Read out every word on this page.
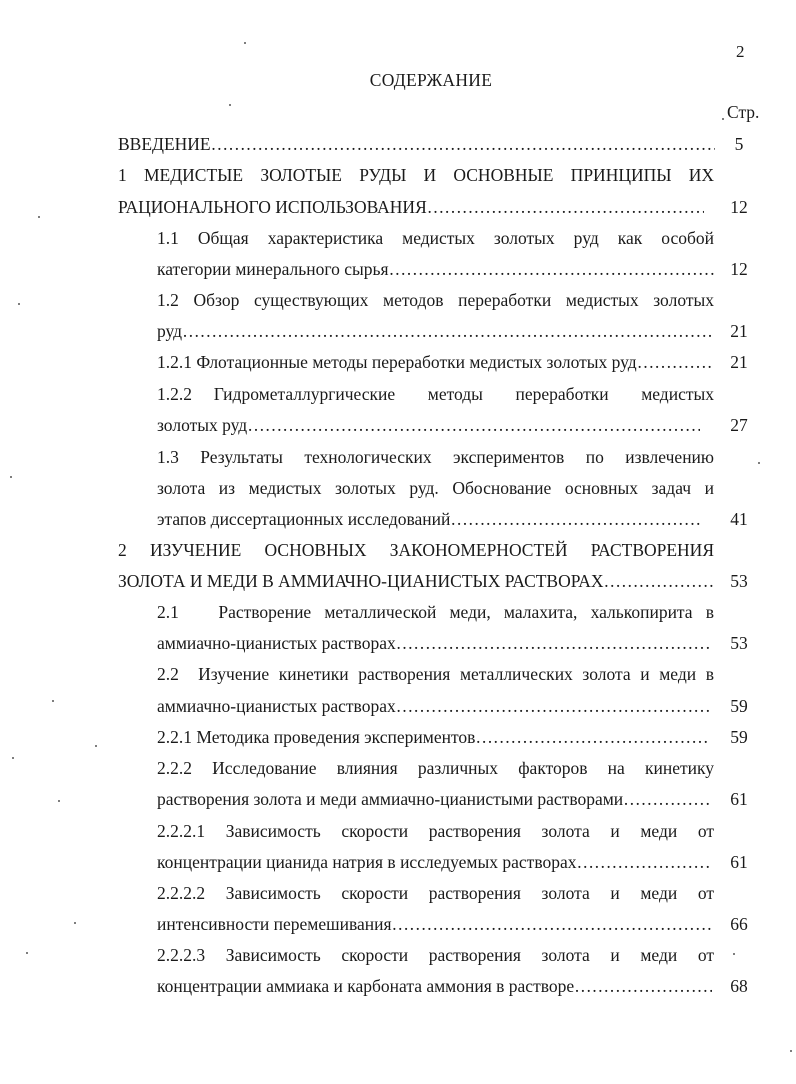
2
СОДЕРЖАНИЕ
Стр.
ВВЕДЕНИЕ ……………………………………………………………………………………………………………………………………………………	5
1 МЕДИСТЫЕ ЗОЛОТЫЕ РУДЫ И ОСНОВНЫЕ ПРИНЦИПЫ ИХ
РАЦИОНАЛЬНОГО ИСПОЛЬЗОВАНИЯ ……………………………………………………………………………………………………………………………………………………	12
1.1 Общая характеристика медистых золотых руд как особой
категории минерального сырья ……………………………………………………………………………………………………………………………………………………	12
1.2 Обзор существующих методов переработки медистых золотых
руд ……………………………………………………………………………………………………………………………………………………	21
1.2.1 Флотационные методы переработки медистых золотых руд ……………………………………………………………………………………………………………………………………………………	21
1.2.2  Гидрометаллургические   методы   переработки   медистых
золотых руд ……………………………………………………………………………………………………………………………………………………	27
1.3 Результаты технологических экспериментов по извлечению
золота из медистых золотых руд. Обоснование основных задач и
этапов диссертационных исследований ……………………………………………………………………………………………………………………………………………………	41
2 ИЗУЧЕНИЕ ОСНОВНЫХ ЗАКОНОМЕРНОСТЕЙ РАСТВОРЕНИЯ
ЗОЛОТА И МЕДИ В АММИАЧНО-ЦИАНИСТЫХ РАСТВОРАХ ……………………………………………………………………………………………………………………………………………………	53
2.1   Растворение металлической меди, малахита, халькопирита в
аммиачно-цианистых растворах ……………………………………………………………………………………………………………………………………………………	53
2.2  Изучение кинетики растворения металлических золота и меди в
аммиачно-цианистых растворах ……………………………………………………………………………………………………………………………………………………	59
2.2.1 Методика проведения экспериментов ……………………………………………………………………………………………………………………………………………………	59
2.2.2 Исследование влияния различных факторов на кинетику
растворения золота и меди аммиачно-цианистыми растворами ……………………………………………………………………………………………………………………………………………………	61
2.2.2.1 Зависимость скорости растворения золота и меди от
концентрации цианида натрия в исследуемых растворах ……………………………………………………………………………………………………………………………………………………	61
2.2.2.2 Зависимость скорости растворения золота и меди от
интенсивности перемешивания ……………………………………………………………………………………………………………………………………………………	66
2.2.2.3 Зависимость скорости растворения золота и меди от
концентрации аммиака и карбоната аммония в растворе ……………………………………………………………………………………………………………………………………………………	68
